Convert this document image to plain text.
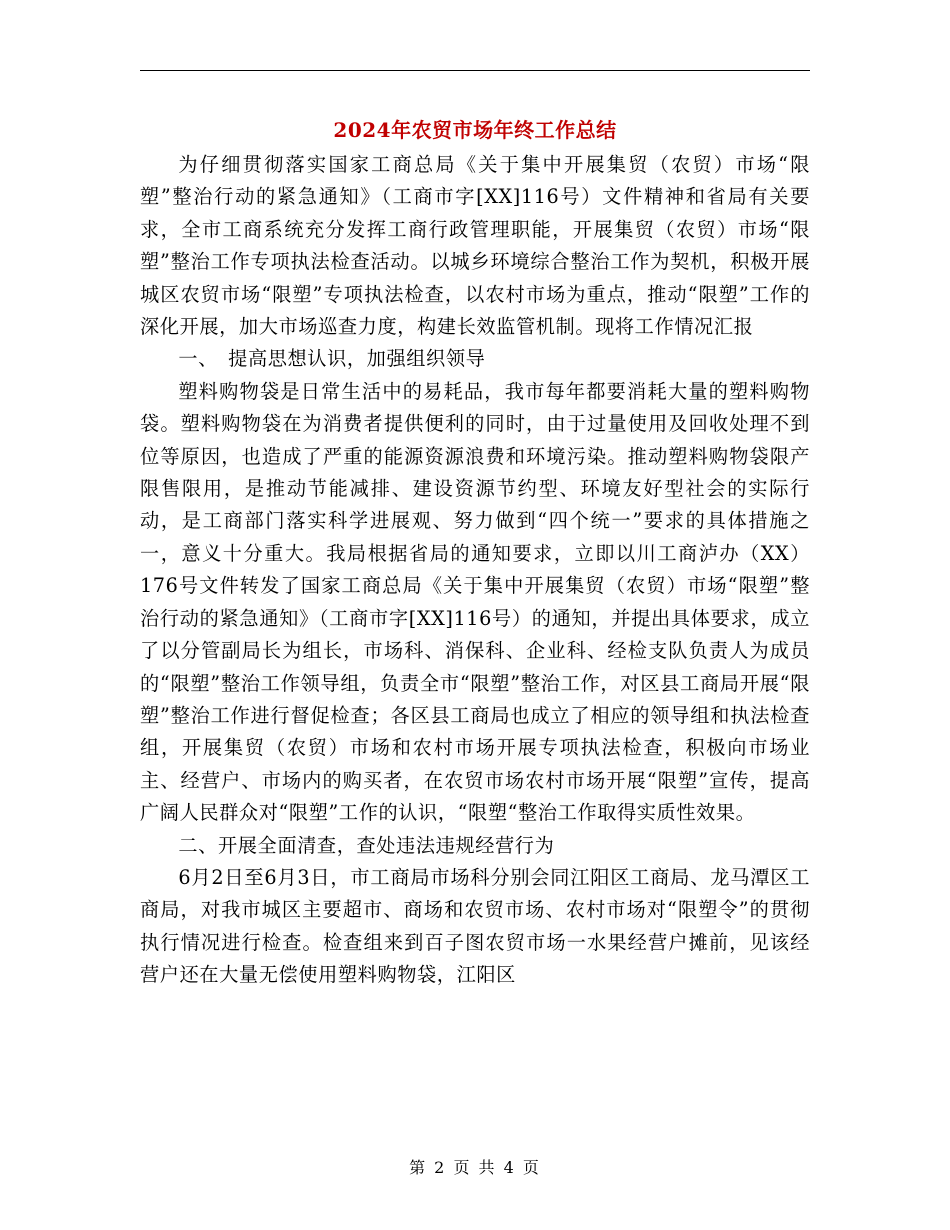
2024年农贸市场年终工作总结

为仔细贯彻落实国家工商总局《关于集中开展集贸（农贸）市场“限塑”整治行动的紧急通知》（工商市字[XX]116号）文件精神和省局有关要求，全市工商系统充分发挥工商行政管理职能，开展集贸（农贸）市场“限塑”整治工作专项执法检查活动。以城乡环境综合整治工作为契机，积极开展城区农贸市场“限塑”专项执法检查，以农村市场为重点，推动“限塑”工作的深化开展，加大市场巡查力度，构建长效监管机制。现将工作情况汇报

一、　提高思想认识，加强组织领导

塑料购物袋是日常生活中的易耗品，我市每年都要消耗大量的塑料购物袋。塑料购物袋在为消费者提供便利的同时，由于过量使用及回收处理不到位等原因，也造成了严重的能源资源浪费和环境污染。推动塑料购物袋限产限售限用，是推动节能减排、建设资源节约型、环境友好型社会的实际行动，是工商部门落实科学进展观、努力做到“四个统一”要求的具体措施之一，意义十分重大。我局根据省局的通知要求，立即以川工商泸办（XX）176号文件转发了国家工商总局《关于集中开展集贸（农贸）市场“限塑”整治行动的紧急通知》（工商市字[XX]116号）的通知，并提出具体要求，成立了以分管副局长为组长，市场科、消保科、企业科、经检支队负责人为成员的“限塑”整治工作领导组，负责全市“限塑”整治工作，对区县工商局开展“限塑”整治工作进行督促检查；各区县工商局也成立了相应的领导组和执法检查组，开展集贸（农贸）市场和农村市场开展专项执法检查，积极向市场业主、经营户、市场内的购买者，在农贸市场农村市场开展“限塑”宣传，提高广阔人民群众对“限塑”工作的认识，“限塑“整治工作取得实质性效果。

二、开展全面清查，查处违法违规经营行为

6月2日至6月3日，市工商局市场科分别会同江阳区工商局、龙马潭区工商局，对我市城区主要超市、商场和农贸市场、农村市场对“限塑令”的贯彻执行情况进行检查。检查组来到百子图农贸市场一水果经营户摊前，见该经营户还在大量无偿使用塑料购物袋，江阳区

第 2 页 共 4 页
